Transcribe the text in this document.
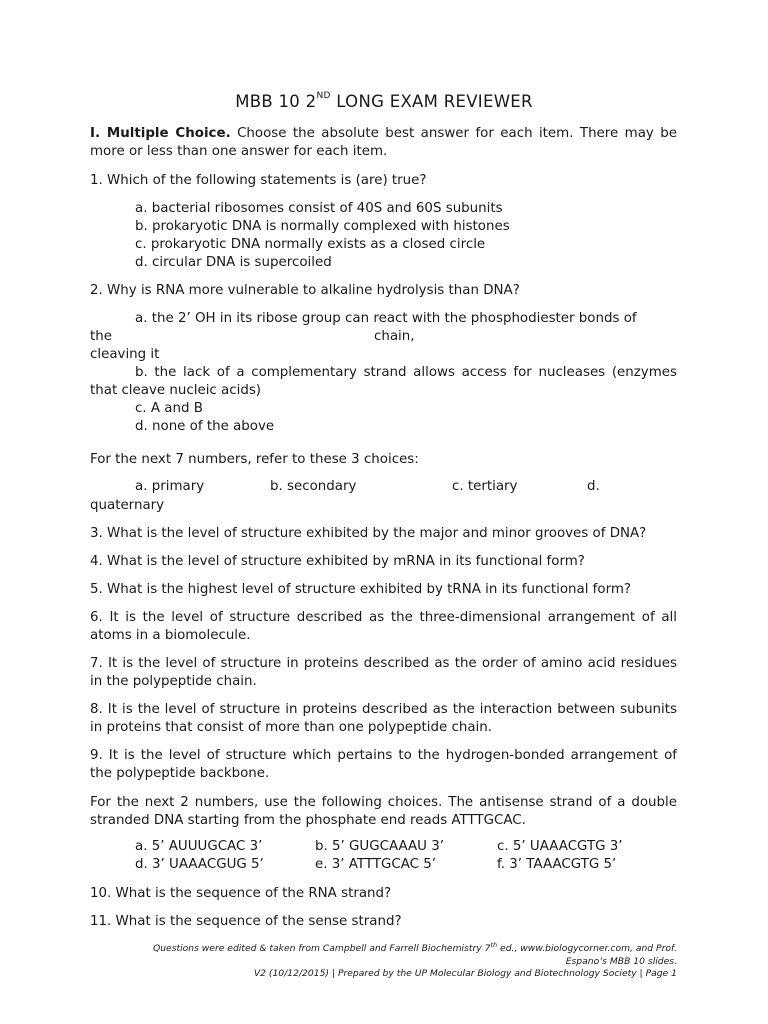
MBB 10 2ND LONG EXAM REVIEWER
I. Multiple Choice. Choose the absolute best answer for each item. There may be more or less than one answer for each item.
1. Which of the following statements is (are) true?
a. bacterial ribosomes consist of 40S and 60S subunits
b. prokaryotic DNA is normally complexed with histones
c. prokaryotic DNA normally exists as a closed circle
d. circular DNA is supercoiled
2. Why is RNA more vulnerable to alkaline hydrolysis than DNA?
a. the 2’ OH in its ribose group can react with the phosphodiester bonds of
the	chain,
cleaving it
b. the lack of a complementary strand allows access for nucleases (enzymes that cleave nucleic acids)
c. A and B
d. none of the above
For the next 7 numbers, refer to these 3 choices:
a. primary	b. secondary	c. tertiary	d.
quaternary
3. What is the level of structure exhibited by the major and minor grooves of DNA?
4. What is the level of structure exhibited by mRNA in its functional form?
5. What is the highest level of structure exhibited by tRNA in its functional form?
6. It is the level of structure described as the three-dimensional arrangement of all atoms in a biomolecule.
7. It is the level of structure in proteins described as the order of amino acid residues in the polypeptide chain.
8. It is the level of structure in proteins described as the interaction between subunits in proteins that consist of more than one polypeptide chain.
9. It is the level of structure which pertains to the hydrogen-bonded arrangement of the polypeptide backbone.
For the next 2 numbers, use the following choices. The antisense strand of a double stranded DNA starting from the phosphate end reads ATTTGCAC.
a. 5’ AUUUGCAC 3’	b. 5’ GUGCAAAU 3’	c. 5’ UAAACGTG 3’
d. 3’ UAAACGUG 5’	e. 3’ ATTTGCAC 5’	f. 3’ TAAACGTG 5’
10. What is the sequence of the RNA strand?
11. What is the sequence of the sense strand?
Questions were edited & taken from Campbell and Farrell Biochemistry 7th ed., www.biologycorner.com, and Prof.
Espano’s MBB 10 slides.
V2 (10/12/2015) | Prepared by the UP Molecular Biology and Biotechnology Society | Page 1
